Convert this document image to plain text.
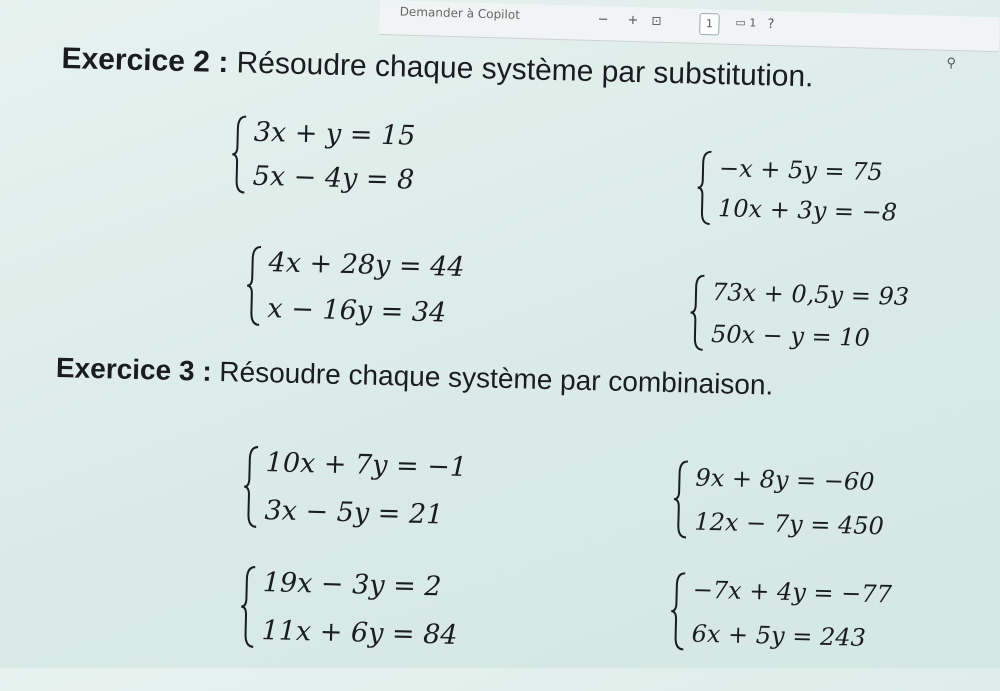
Demander à Copilot	− + ⊡	1	▭ 1 ?
⚲
Exercice 2 : Résoudre chaque système par substitution.
3x + y = 15
5x − 4y = 8	−x + 5y = 75
10x + 3y = −8
4x + 28y = 44
x − 16y = 34	73x + 0,5y = 93
50x − y = 10
Exercice 3 : Résoudre chaque système par combinaison.
10x + 7y = −1
3x − 5y = 21
9x + 8y = −60
12x − 7y = 450
19x − 3y = 2
11x + 6y = 84
−7x + 4y = −77
6x + 5y = 243
